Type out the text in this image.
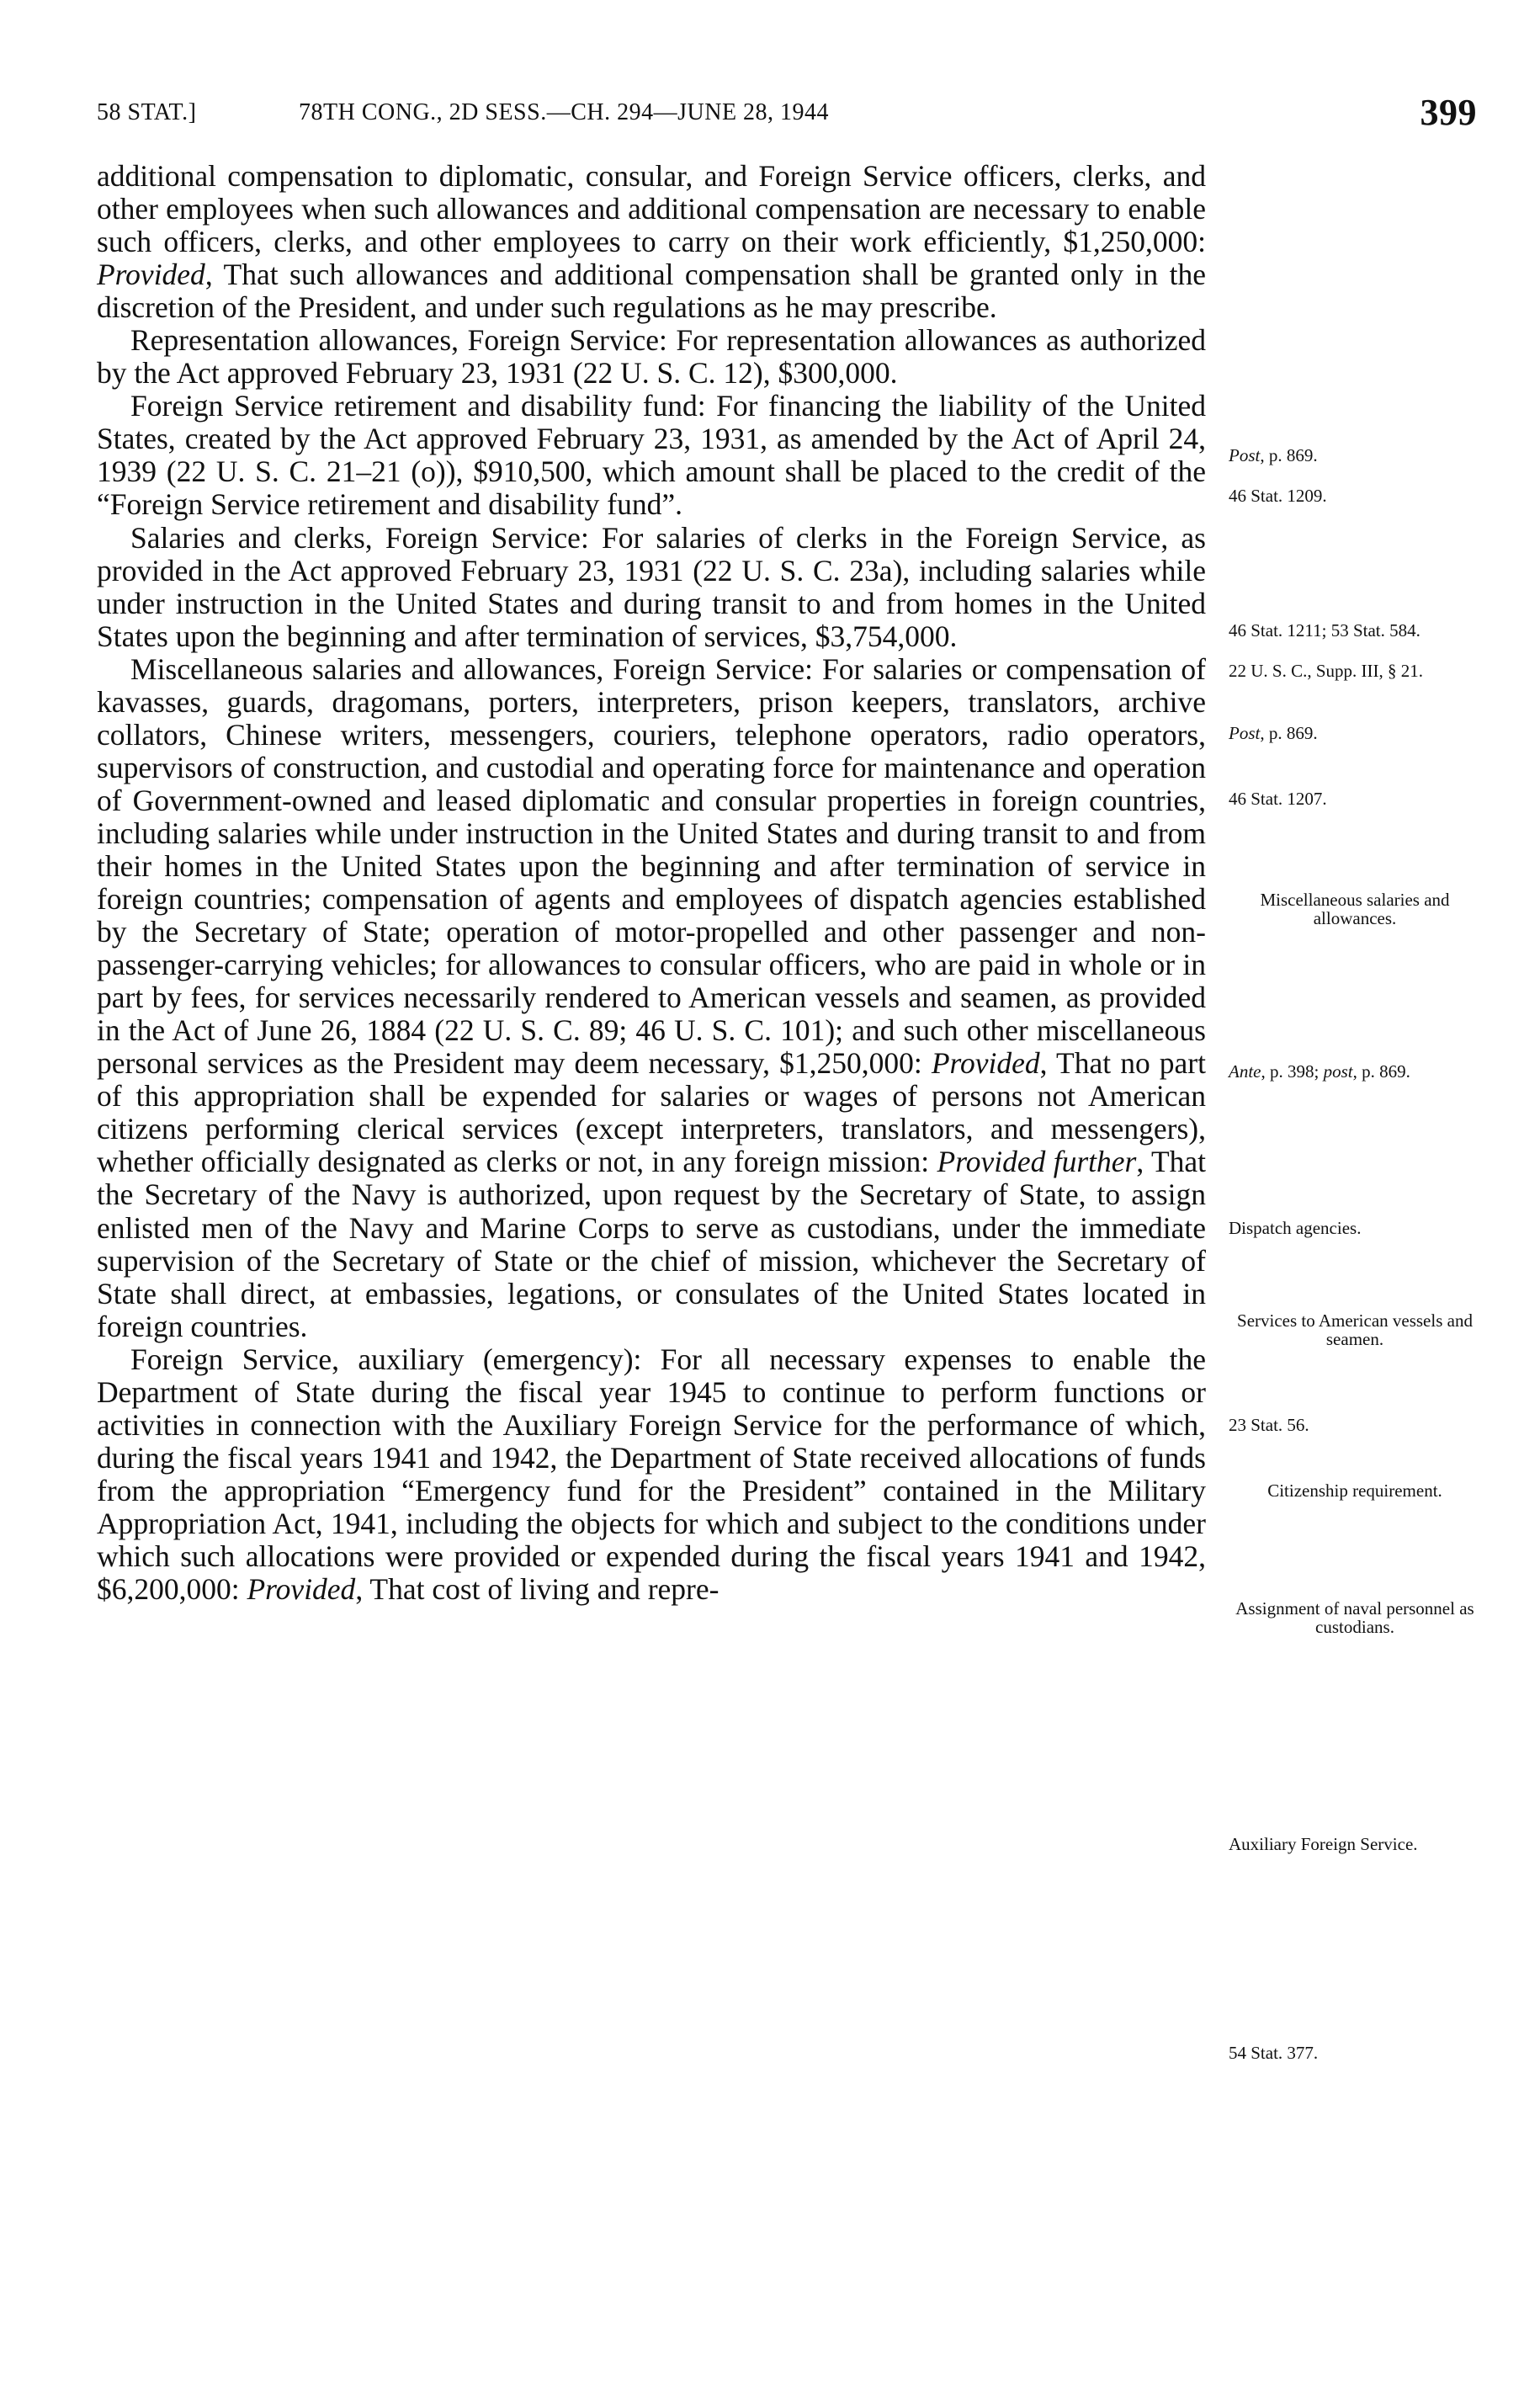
58 STAT.]	78TH CONG., 2D SESS.—CH. 294—JUNE 28, 1944	399

additional compensation to diplomatic, consular, and Foreign Service officers, clerks, and other employees when such allowances and additional compensation are necessary to enable such officers, clerks, and other employees to carry on their work efficiently, $1,250,000: Provided, That such allowances and additional compensation shall be granted only in the discretion of the President, and under such regulations as he may prescribe.

Representation allowances, Foreign Service: For representation allowances as authorized by the Act approved February 23, 1931 (22 U. S. C. 12), $300,000.

Foreign Service retirement and disability fund: For financing the liability of the United States, created by the Act approved February 23, 1931, as amended by the Act of April 24, 1939 (22 U. S. C. 21–21 (o)), $910,500, which amount shall be placed to the credit of the “Foreign Service retirement and disability fund”.

Salaries and clerks, Foreign Service: For salaries of clerks in the Foreign Service, as provided in the Act approved February 23, 1931 (22 U. S. C. 23a), including salaries while under instruction in the United States and during transit to and from homes in the United States upon the beginning and after termination of services, $3,754,000.

Miscellaneous salaries and allowances, Foreign Service: For salaries or compensation of kavasses, guards, dragomans, porters, interpreters, prison keepers, translators, archive collators, Chinese writers, messengers, couriers, telephone operators, radio operators, supervisors of construction, and custodial and operating force for maintenance and operation of Government-owned and leased diplomatic and consular properties in foreign countries, including salaries while under instruction in the United States and during transit to and from their homes in the United States upon the beginning and after termination of service in foreign countries; compensation of agents and employees of dispatch agencies established by the Secretary of State; operation of motor-propelled and other passenger and non-passenger-carrying vehicles; for allowances to consular officers, who are paid in whole or in part by fees, for services necessarily rendered to American vessels and seamen, as provided in the Act of June 26, 1884 (22 U. S. C. 89; 46 U. S. C. 101); and such other miscellaneous personal services as the President may deem necessary, $1,250,000: Provided, That no part of this appropriation shall be expended for salaries or wages of persons not American citizens performing clerical services (except interpreters, translators, and messengers), whether officially designated as clerks or not, in any foreign mission: Provided further, That the Secretary of the Navy is authorized, upon request by the Secretary of State, to assign enlisted men of the Navy and Marine Corps to serve as custodians, under the immediate supervision of the Secretary of State or the chief of mission, whichever the Secretary of State shall direct, at embassies, legations, or consulates of the United States located in foreign countries.

Foreign Service, auxiliary (emergency): For all necessary expenses to enable the Department of State during the fiscal year 1945 to continue to perform functions or activities in connection with the Auxiliary Foreign Service for the performance of which, during the fiscal years 1941 and 1942, the Department of State received allocations of funds from the appropriation “Emergency fund for the President” contained in the Military Appropriation Act, 1941, including the objects for which and subject to the conditions under which such allocations were provided or expended during the fiscal years 1941 and 1942, $6,200,000: Provided, That cost of living and repre-

Post, p. 869.
46 Stat. 1209.
46 Stat. 1211; 53 Stat. 584.
22 U. S. C., Supp. III, § 21.
Post, p. 869.
46 Stat. 1207.
Miscellaneous salaries and allowances.
Ante, p. 398; post, p. 869.
Dispatch agencies.
Services to American vessels and seamen.
23 Stat. 56.
Citizenship requirement.
Assignment of naval personnel as custodians.
Auxiliary Foreign Service.
54 Stat. 377.
